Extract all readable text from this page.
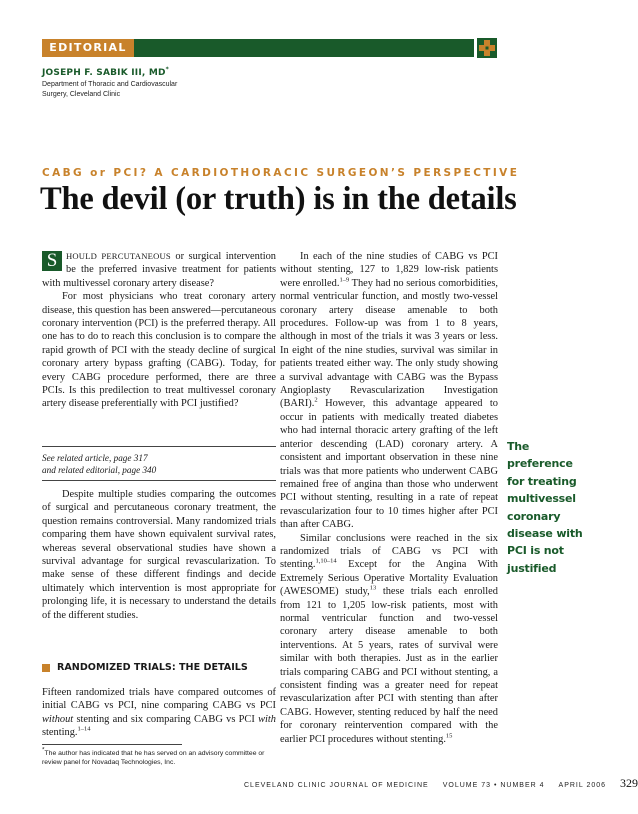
EDITORIAL
JOSEPH F. SABIK III, MD*
Department of Thoracic and Cardiovascular
Surgery, Cleveland Clinic
CABG or PCI? A CARDIOTHORACIC SURGEON’S PERSPECTIVE
The devil (or truth) is in the details

S	HOULD PERCUTANEOUS or surgical intervention be the preferred invasive treatment for patients with multivessel coronary artery disease?

For most physicians who treat coronary artery disease, this question has been answered—percutaneous coronary intervention (PCI) is the preferred therapy. All one has to do to reach this conclusion is to compare the rapid growth of PCI with the steady decline of surgical coronary artery bypass grafting (CABG). Today, for every CABG procedure performed, there are three PCIs. Is this predilection to treat multivessel coronary artery disease preferentially with PCI justified?

See related article, page 317
and related editorial, page 340

Despite multiple studies comparing the outcomes of surgical and percutaneous coronary treatment, the question remains controversial. Many randomized trials comparing them have shown equivalent survival rates, whereas several observational studies have shown a survival advantage for surgical revascularization. To make sense of these different findings and decide ultimately which intervention is most appropriate for prolonging life, it is necessary to understand the details of the different studies.

RANDOMIZED TRIALS: THE DETAILS

Fifteen randomized trials have compared outcomes of initial CABG vs PCI, nine comparing CABG vs PCI without stenting and six comparing CABG vs PCI with stenting.$^{1-14}$

*The author has indicated that he has served on an advisory committee or review panel for Novadaq Technologies, Inc.

In each of the nine studies of CABG vs PCI without stenting, 127 to 1,829 low-risk patients were enrolled.$^{1-9}$ They had no serious comorbidities, normal ventricular function, and mostly two-vessel coronary artery disease amenable to both procedures. Follow-up was from 1 to 8 years, although in most of the trials it was 3 years or less. In eight of the nine studies, survival was similar in patients treated either way. The only study showing a survival advantage with CABG was the Bypass Angioplasty Revascularization Investigation (BARI).$^2$ However, this advantage appeared to occur in patients with medically treated diabetes who had internal thoracic artery grafting of the left anterior descending (LAD) coronary artery. A consistent and important observation in these nine trials was that more patients who underwent CABG remained free of angina than those who underwent PCI without stenting, resulting in a rate of repeat revascularization four to 10 times higher after PCI than after CABG.

Similar conclusions were reached in the six randomized trials of CABG vs PCI with stenting.$^{1,10-14}$ Except for the Angina With Extremely Serious Operative Mortality Evaluation (AWESOME) study,$^{13}$ these trials each enrolled from 121 to 1,205 low-risk patients, most with normal ventricular function and two-vessel coronary artery disease amenable to both interventions. At 5 years, rates of survival were similar with both therapies. Just as in the earlier trials comparing CABG and PCI without stenting, a consistent finding was a greater need for repeat revascularization after PCI with stenting than after CABG. However, stenting reduced by half the need for coronary reintervention compared with the earlier PCI procedures without stenting.$^{15}$

The preference
for treating
multivessel
coronary
disease with
PCI is not
justified
CLEVELAND CLINIC JOURNAL OF MEDICINE VOLUME 73 • NUMBER 4 APRIL 2006 329
